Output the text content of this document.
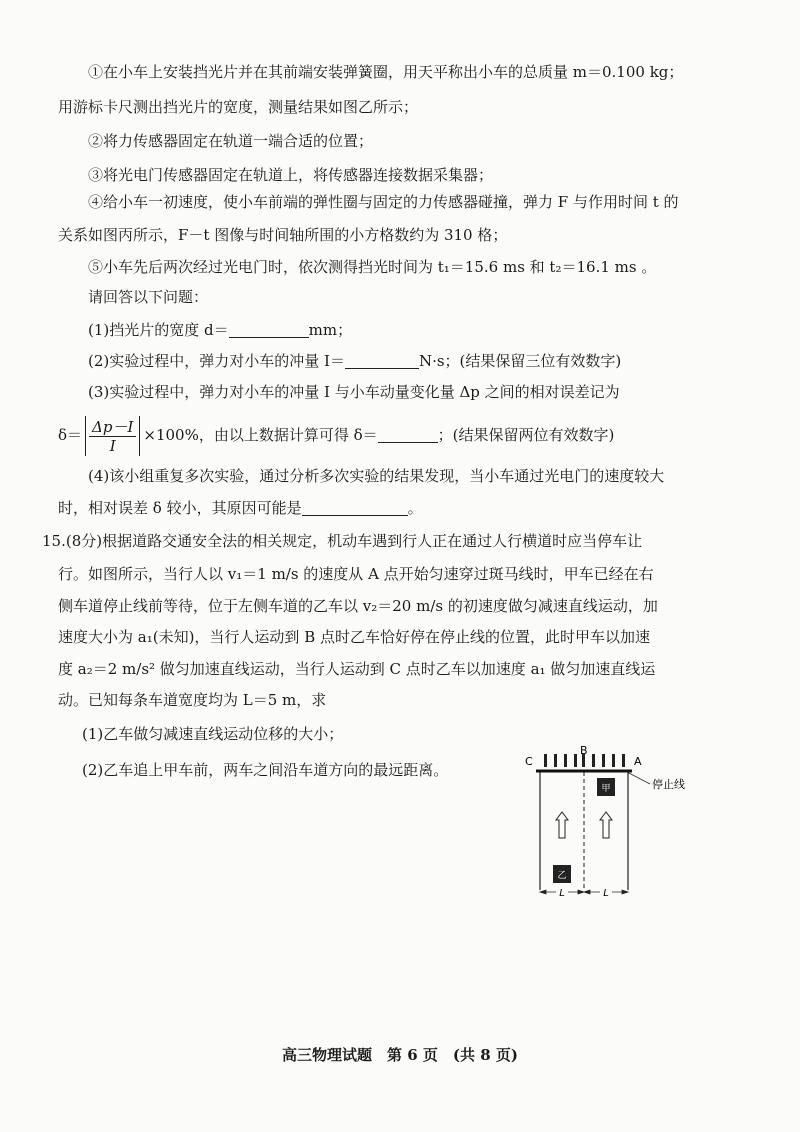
①在小车上安装挡光片并在其前端安装弹簧圈，用天平称出小车的总质量 m＝0.100 kg；
用游标卡尺测出挡光片的宽度，测量结果如图乙所示；
②将力传感器固定在轨道一端合适的位置；
③将光电门传感器固定在轨道上，将传感器连接数据采集器；
④给小车一初速度，使小车前端的弹性圈与固定的力传感器碰撞，弹力 F 与作用时间 t 的
关系如图丙所示，F－t 图像与时间轴所围的小方格数约为 310 格；
⑤小车先后两次经过光电门时，依次测得挡光时间为 t₁＝15.6 ms 和 t₂＝16.1 ms 。
请回答以下问题：
(1)挡光片的宽度 d＝	mm；
(2)实验过程中，弹力对小车的冲量 I＝	N·s；(结果保留三位有效数字)
(3)实验过程中，弹力对小车的冲量 I 与小车动量变化量 Δp 之间的相对误差记为
$\delta= \frac{\Delta p-I}{I} \times 100\%$，由以上数据计算可得 δ＝	；(结果保留两位有效数字)
(4)该小组重复多次实验，通过分析多次实验的结果发现，当小车通过光电门的速度较大
时，相对误差 δ 较小，其原因可能是	。
15.(8分)根据道路交通安全法的相关规定，机动车遇到行人正在通过人行横道时应当停车让
行。如图所示，当行人以 v₁＝1 m/s 的速度从 A 点开始匀速穿过斑马线时，甲车已经在右
侧车道停止线前等待，位于左侧车道的乙车以 v₂＝20 m/s 的初速度做匀减速直线运动，加
速度大小为 a₁(未知)，当行人运动到 B 点时乙车恰好停在停止线的位置，此时甲车以加速
度 a₂＝2 m/s² 做匀加速直线运动，当行人运动到 C 点时乙车以加速度 a₁ 做匀加速直线运
动。已知每条车道宽度均为 L＝5 m，求
(1)乙车做匀减速直线运动位移的大小；
(2)乙车追上甲车前，两车之间沿车道方向的最远距离。	C
B
A
停止线
甲
乙
L	L
高三物理试题　第 6 页　(共 8 页)
